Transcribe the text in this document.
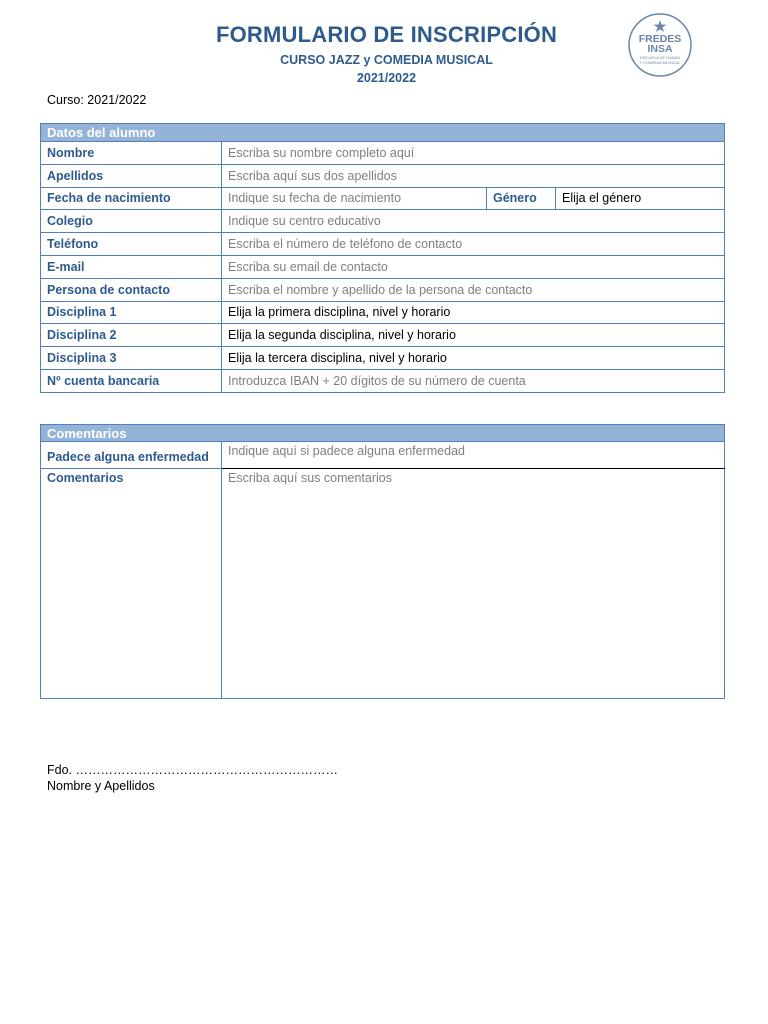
FORMULARIO DE INSCRIPCIÓN
CURSO JAZZ y COMEDIA MUSICAL
2021/2022
FREDES
INSA
ESCUELA DE DANZA
Y COMEDIA MUSICAL
Curso: 2021/2022
Datos del alumno			
Nombre	Escriba su nombre completo aquí		
Apellidos	Escriba aquí sus dos apellidos		
Fecha de nacimiento	Indique su fecha de nacimiento	Género	Elija el género
Colegio	Indique su centro educativo		
Teléfono	Escriba el número de teléfono de contacto		
E-mail	Escriba su email de contacto		
Persona de contacto	Escriba el nombre y apellido de la persona de contacto		
Disciplina 1	Elija la primera disciplina, nivel y horario		
Disciplina 2	Elija la segunda disciplina, nivel y horario		
Disciplina 3	Elija la tercera disciplina, nivel y horario		
Nº cuenta bancaria	Introduzca IBAN + 20 dígitos de su número de cuenta		
Comentarios	
Padece alguna enfermedad	Indique aquí si padece alguna enfermedad
Comentarios	Escriba aquí sus comentarios
Fdo. ………………………………………………………
Nombre y Apellidos
